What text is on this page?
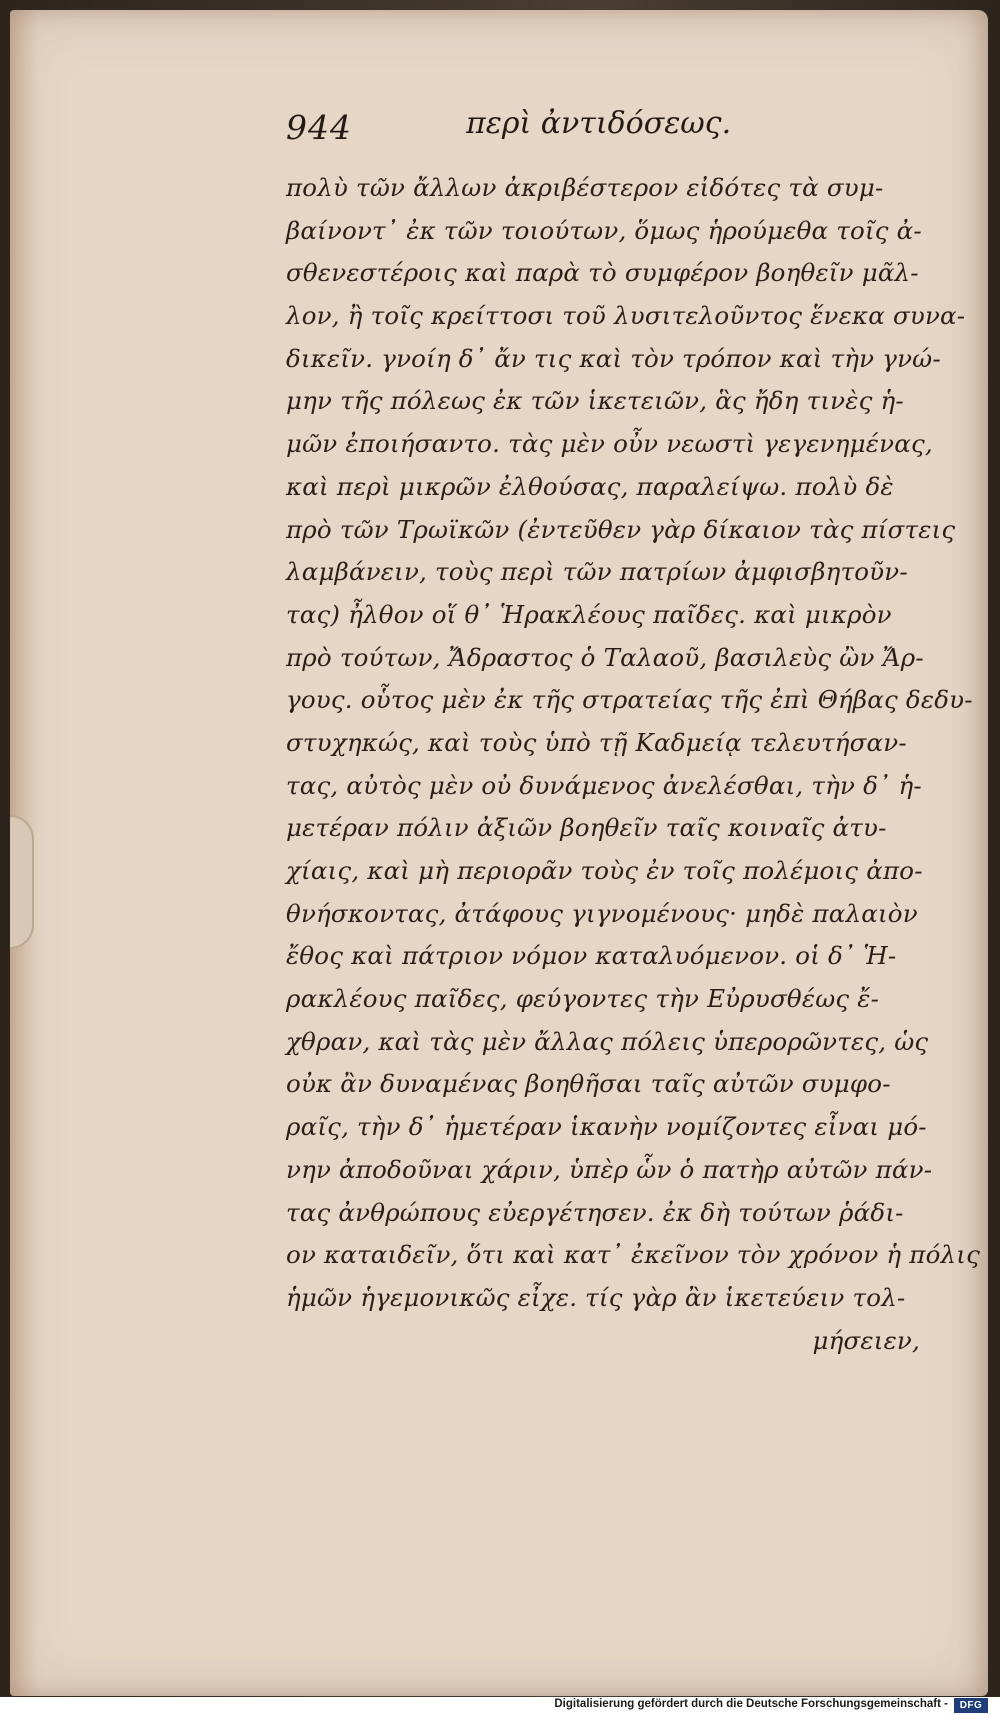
944	περὶ ἀντιδόσεως.
πολὺ τῶν ἄλλων ἀκριβέστερον εἰδότες τὰ συμ-
βαίνοντ᾽ ἐκ τῶν τοιούτων, ὅμως ἡρούμεθα τοῖς ἀ-
σθενεστέροις καὶ παρὰ τὸ συμφέρον βοηθεῖν μᾶλ-
λον, ἢ τοῖς κρείττοσι τοῦ λυσιτελοῦντος ἕνεκα συνα-
δικεῖν. γνοίη δ᾽ ἄν τις καὶ τὸν τρόπον καὶ τὴν γνώ-
μην τῆς πόλεως ἐκ τῶν ἱκετειῶν, ἃς ἤδη τινὲς ἡ-
μῶν ἐποιήσαντο. τὰς μὲν οὖν νεωστὶ γεγενημένας,
καὶ περὶ μικρῶν ἐλθούσας, παραλείψω. πολὺ δὲ
πρὸ τῶν Τρωϊκῶν (ἐντεῦθεν γὰρ δίκαιον τὰς πίστεις
λαμβάνειν, τοὺς περὶ τῶν πατρίων ἀμφισβητοῦν-
τας) ἦλθον οἵ θ᾽ Ἡρακλέους παῖδες. καὶ μικρὸν
πρὸ τούτων, Ἄδραστος ὁ Ταλαοῦ, βασιλεὺς ὢν Ἄρ-
γους. οὗτος μὲν ἐκ τῆς στρατείας τῆς ἐπὶ Θήβας δεδυ-
στυχηκώς, καὶ τοὺς ὑπὸ τῇ Καδμείᾳ τελευτήσαν-
τας, αὐτὸς μὲν οὐ δυνάμενος ἀνελέσθαι, τὴν δ᾽ ἡ-
μετέραν πόλιν ἀξιῶν βοηθεῖν ταῖς κοιναῖς ἀτυ-
χίαις, καὶ μὴ περιορᾶν τοὺς ἐν τοῖς πολέμοις ἀπο-
θνήσκοντας, ἀτάφους γιγνομένους· μηδὲ παλαιὸν
ἔθος καὶ πάτριον νόμον καταλυόμενον. οἱ δ᾽ Ἡ-
ρακλέους παῖδες, φεύγοντες τὴν Εὐρυσθέως ἔ-
χθραν, καὶ τὰς μὲν ἄλλας πόλεις ὑπερορῶντες, ὡς
οὐκ ἂν δυναμένας βοηθῆσαι ταῖς αὐτῶν συμφο-
ραῖς, τὴν δ᾽ ἡμετέραν ἱκανὴν νομίζοντες εἶναι μό-
νην ἀποδοῦναι χάριν, ὑπὲρ ὧν ὁ πατὴρ αὐτῶν πάν-
τας ἀνθρώπους εὐεργέτησεν. ἐκ δὴ τούτων ῥάδι-
ον καταιδεῖν, ὅτι καὶ κατ᾽ ἐκεῖνον τὸν χρόνον ἡ πόλις
ἡμῶν ἡγεμονικῶς εἶχε. τίς γὰρ ἂν ἱκετεύειν τολ-
μήσειεν,
Digitalisierung gefördert durch die Deutsche Forschungsgemeinschaft -	DFG
